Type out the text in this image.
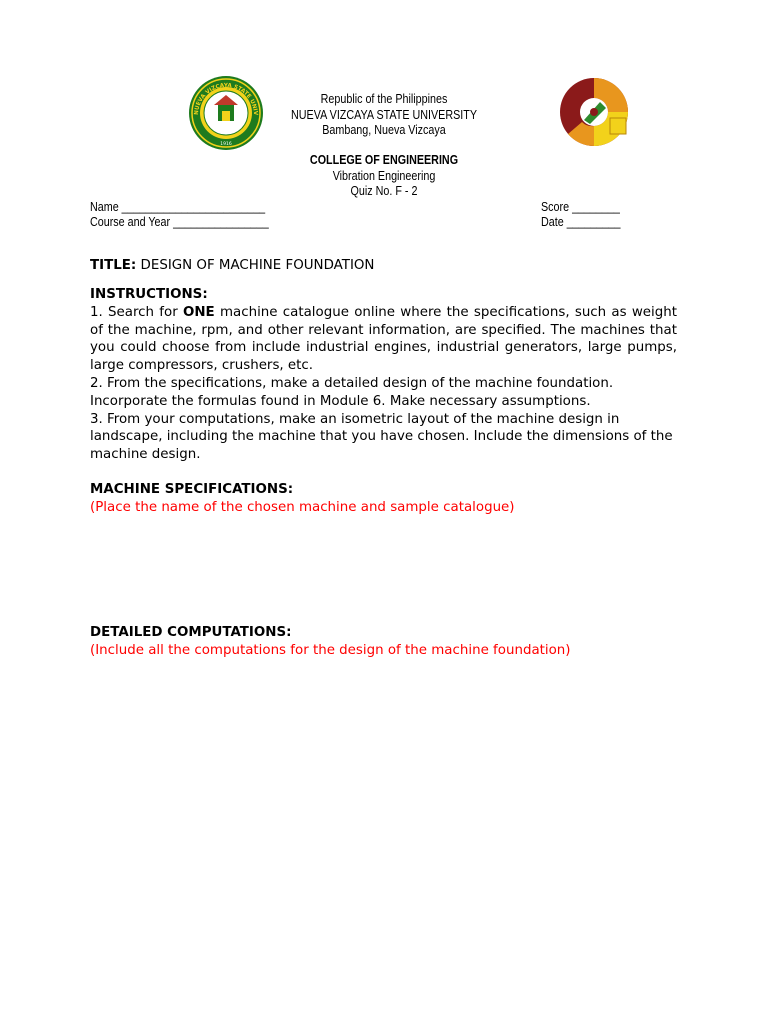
NUEVA VIZCAYA STATE UNIV
1916
Republic of the Philippines
NUEVA VIZCAYA STATE UNIVERSITY
Bambang, Nueva Vizcaya
COLLEGE OF ENGINEERING
Vibration Engineering
Quiz No. F - 2
Name ________________________
Course and Year ________________
Score ________
Date _________
TITLE: DESIGN OF MACHINE FOUNDATION

INSTRUCTIONS:

1. Search for ONE machine catalogue online where the specifications, such as weight of the machine, rpm, and other relevant information, are specified. The machines that you could choose from include industrial engines, industrial generators, large pumps, large compressors, crushers, etc.

2. From the specifications, make a detailed design of the machine foundation. Incorporate the formulas found in Module 6. Make necessary assumptions.

3. From your computations, make an isometric layout of the machine design in landscape, including the machine that you have chosen. Include the dimensions of the machine design.

MACHINE SPECIFICATIONS:

(Place the name of the chosen machine and sample catalogue)

DETAILED COMPUTATIONS:

(Include all the computations for the design of the machine foundation)
